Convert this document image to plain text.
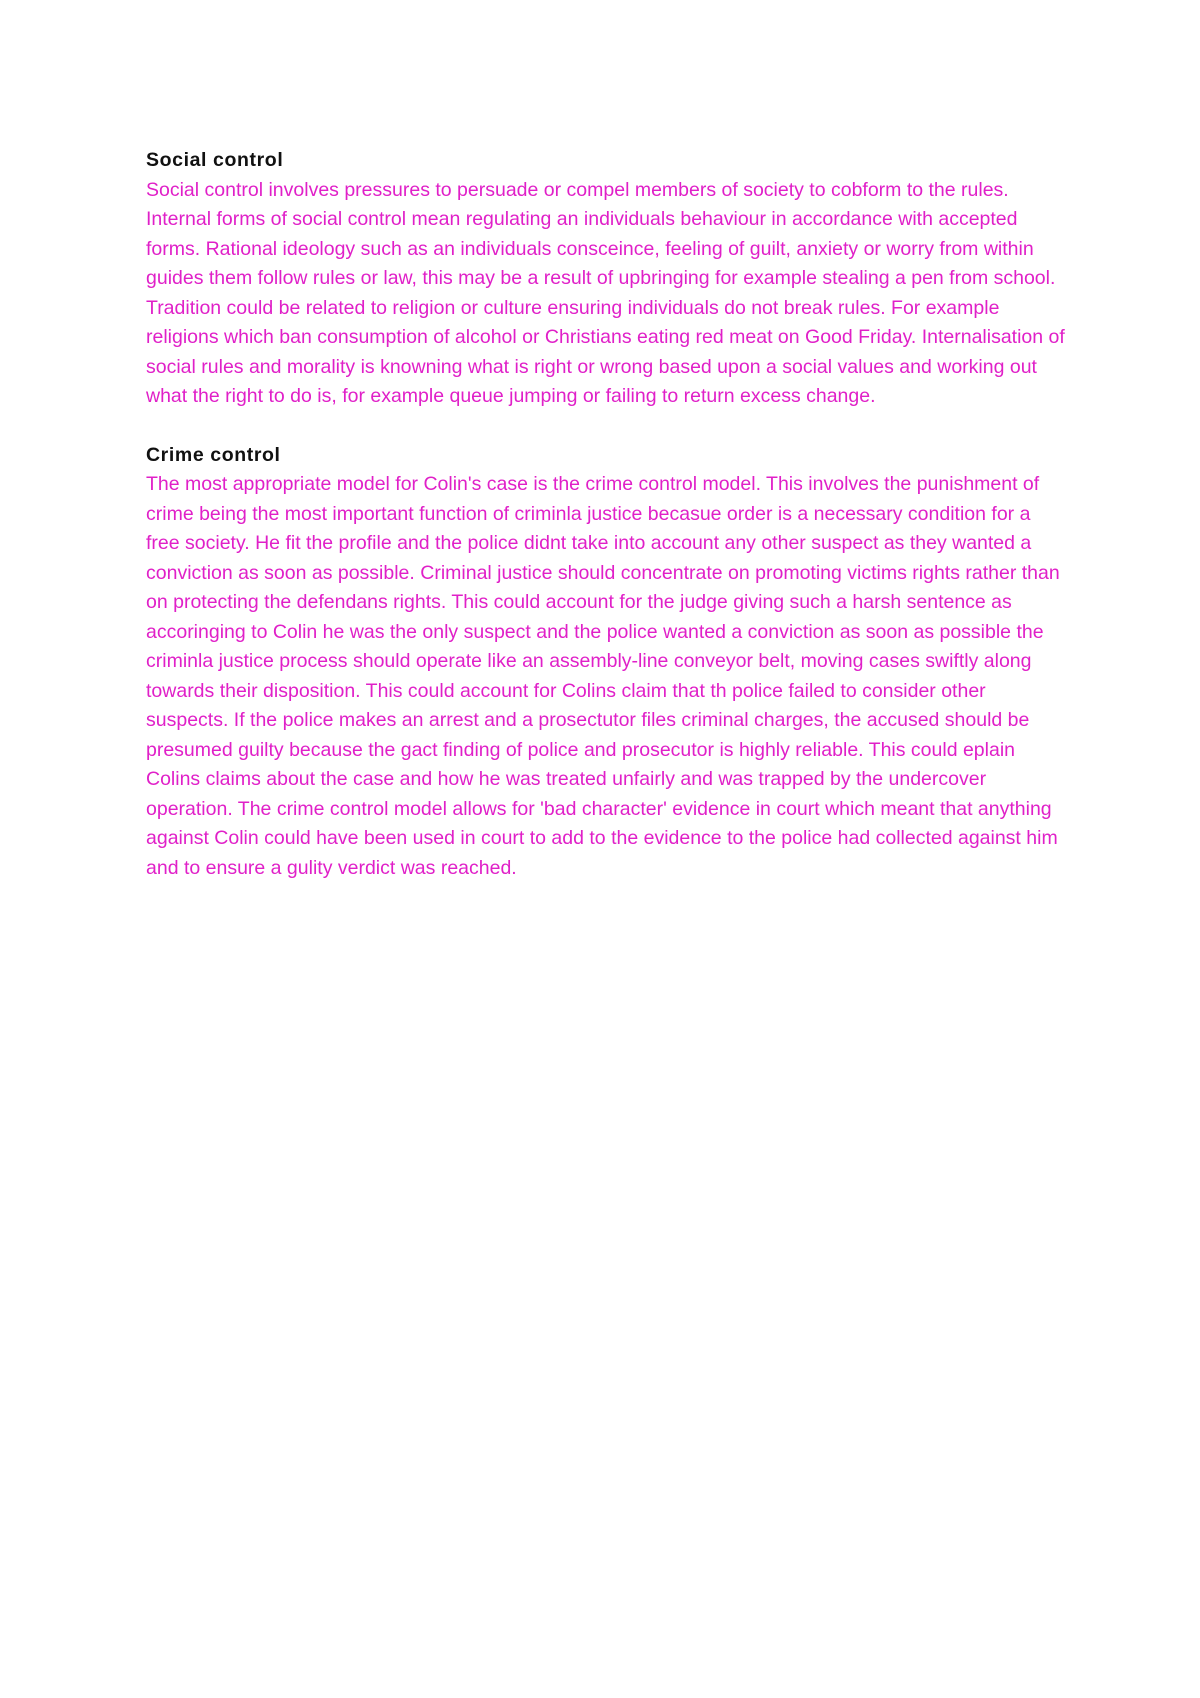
Social control

Social control involves pressures to persuade or compel members of society to cobform to the rules. Internal forms of social control mean regulating an individuals behaviour in accordance with accepted forms. Rational ideology such as an individuals consceince, feeling of guilt, anxiety or worry from within guides them follow rules or law, this may be a result of upbringing for example stealing a pen from school. Tradition could be related to religion or culture ensuring individuals do not break rules. For example religions which ban consumption of alcohol or Christians eating red meat on Good Friday. Internalisation of social rules and morality is knowning what is right or wrong based upon a social values and working out what the right to do is, for example queue jumping or failing to return excess change.

Crime control

The most appropriate model for Colin's case is the crime control model. This involves the punishment of crime being the most important function of criminla justice becasue order is a necessary condition for a free society. He fit the profile and the police didnt take into account any other suspect as they wanted a conviction as soon as possible. Criminal justice should concentrate on promoting victims rights rather than on protecting the defendans rights. This could account for the judge giving such a harsh sentence as accoringing to Colin he was the only suspect and the police wanted a conviction as soon as possible the criminla justice process should operate like an assembly-line conveyor belt, moving cases swiftly along towards their disposition. This could account for Colins claim that th police failed to consider other suspects. If the police makes an arrest and a prosectutor files criminal charges, the accused should be presumed guilty because the gact finding of police and prosecutor is highly reliable. This could eplain Colins claims about the case and how he was treated unfairly and was trapped by the undercover operation. The crime control model allows for 'bad character' evidence in court which meant that anything against Colin could have been used in court to add to the evidence to the police had collected against him and to ensure a gulity verdict was reached.
